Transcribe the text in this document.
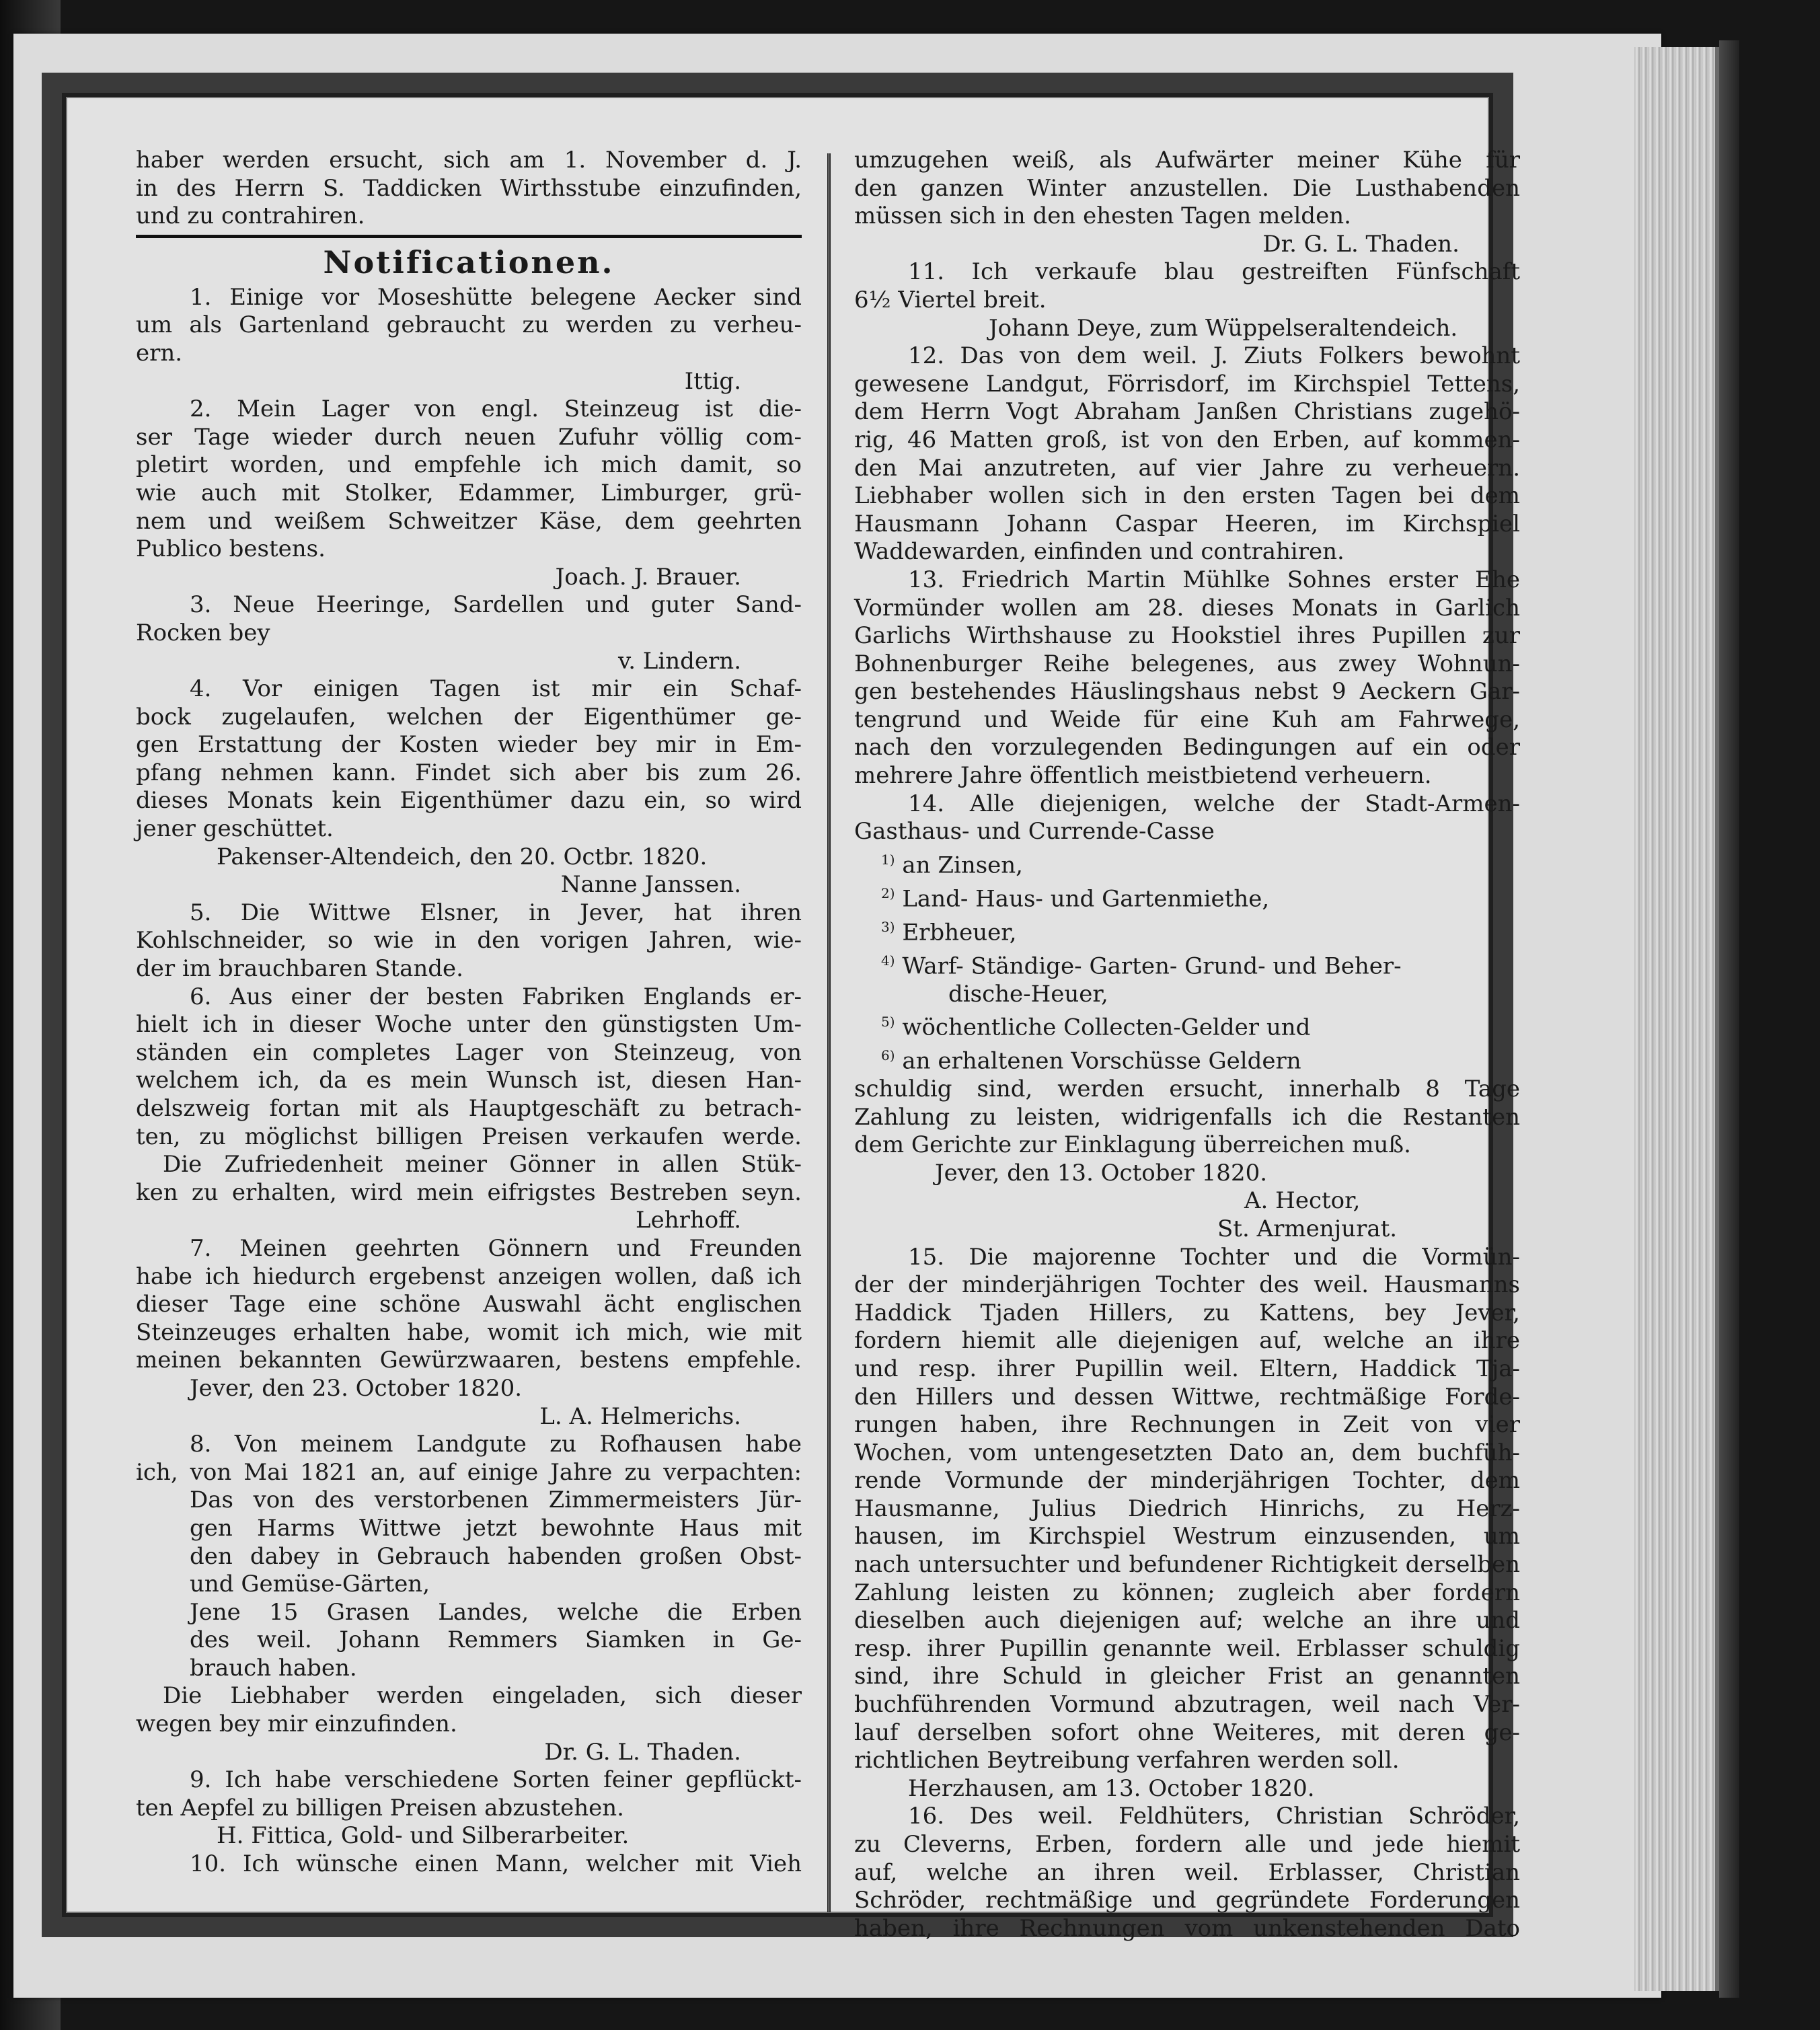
haber werden ersucht, sich am 1. November d. J.
in des Herrn S. Taddicken Wirthsstube einzufinden,
und zu contrahiren.
Notificationen.
1. Einige vor Moseshütte belegene Aecker sind
um als Gartenland gebraucht zu werden zu verheu-
ern.
Ittig.
2. Mein Lager von engl. Steinzeug ist die-
ser Tage wieder durch neuen Zufuhr völlig com-
pletirt worden, und empfehle ich mich damit, so
wie auch mit Stolker, Edammer, Limburger, grü-
nem und weißem Schweitzer Käse, dem geehrten
Publico bestens.
Joach. J. Brauer.
3. Neue Heeringe, Sardellen und guter Sand-
Rocken bey
v. Lindern.
4. Vor einigen Tagen ist mir ein Schaf-
bock zugelaufen, welchen der Eigenthümer ge-
gen Erstattung der Kosten wieder bey mir in Em-
pfang nehmen kann. Findet sich aber bis zum 26.
dieses Monats kein Eigenthümer dazu ein, so wird
jener geschüttet.
Pakenser-Altendeich, den 20. Octbr. 1820.
Nanne Janssen.
5. Die Wittwe Elsner, in Jever, hat ihren
Kohlschneider, so wie in den vorigen Jahren, wie-
der im brauchbaren Stande.
6. Aus einer der besten Fabriken Englands er-
hielt ich in dieser Woche unter den günstigsten Um-
ständen ein completes Lager von Steinzeug, von
welchem ich, da es mein Wunsch ist, diesen Han-
delszweig fortan mit als Hauptgeschäft zu betrach-
ten, zu möglichst billigen Preisen verkaufen werde.
Die Zufriedenheit meiner Gönner in allen Stük-
ken zu erhalten, wird mein eifrigstes Bestreben seyn.
Lehrhoff.
7. Meinen geehrten Gönnern und Freunden
habe ich hiedurch ergebenst anzeigen wollen, daß ich
dieser Tage eine schöne Auswahl ächt englischen
Steinzeuges erhalten habe, womit ich mich, wie mit
meinen bekannten Gewürzwaaren, bestens empfehle.
Jever, den 23. October 1820.
L. A. Helmerichs.
8. Von meinem Landgute zu Rofhausen habe
ich, von Mai 1821 an, auf einige Jahre zu verpachten:
Das von des verstorbenen Zimmermeisters Jür-
gen Harms Wittwe jetzt bewohnte Haus mit
den dabey in Gebrauch habenden großen Obst-
und Gemüse-Gärten,
Jene 15 Grasen Landes, welche die Erben
des weil. Johann Remmers Siamken in Ge-
brauch haben.
Die Liebhaber werden eingeladen, sich dieser
wegen bey mir einzufinden.
Dr. G. L. Thaden.
9. Ich habe verschiedene Sorten feiner gepflückt-
ten Aepfel zu billigen Preisen abzustehen.
H. Fittica, Gold- und Silberarbeiter.
10. Ich wünsche einen Mann, welcher mit Vieh
umzugehen weiß, als Aufwärter meiner Kühe für
den ganzen Winter anzustellen. Die Lusthabenden
müssen sich in den ehesten Tagen melden.
Dr. G. L. Thaden.
11. Ich verkaufe blau gestreiften Fünfschaft
6½ Viertel breit.
Johann Deye, zum Wüppelseraltendeich.
12. Das von dem weil. J. Ziuts Folkers bewohnt
gewesene Landgut, Förrisdorf, im Kirchspiel Tettens,
dem Herrn Vogt Abraham Janßen Christians zugehö-
rig, 46 Matten groß, ist von den Erben, auf kommen-
den Mai anzutreten, auf vier Jahre zu verheuern.
Liebhaber wollen sich in den ersten Tagen bei dem
Hausmann Johann Caspar Heeren, im Kirchspiel
Waddewarden, einfinden und contrahiren.
13. Friedrich Martin Mühlke Sohnes erster Ehe
Vormünder wollen am 28. dieses Monats in Garlich
Garlichs Wirthshause zu Hookstiel ihres Pupillen zur
Bohnenburger Reihe belegenes, aus zwey Wohnun-
gen bestehendes Häuslingshaus nebst 9 Aeckern Gar-
tengrund und Weide für eine Kuh am Fahrwege,
nach den vorzulegenden Bedingungen auf ein oder
mehrere Jahre öffentlich meistbietend verheuern.
14. Alle diejenigen, welche der Stadt-Armen-
Gasthaus- und Currende-Casse
$^{1)}$ an Zinsen,
$^{2)}$ Land- Haus- und Gartenmiethe,
$^{3)}$ Erbheuer,
$^{4)}$ Warf- Ständige- Garten- Grund- und Beher-
dische-Heuer,
$^{5)}$ wöchentliche Collecten-Gelder und
$^{6)}$ an erhaltenen Vorschüsse Geldern
schuldig sind, werden ersucht, innerhalb 8 Tage
Zahlung zu leisten, widrigenfalls ich die Restanten
dem Gerichte zur Einklagung überreichen muß.
Jever, den 13. October 1820.
A. Hector,
St. Armenjurat.
15. Die majorenne Tochter und die Vormün-
der der minderjährigen Tochter des weil. Hausmanns
Haddick Tjaden Hillers, zu Kattens, bey Jever,
fordern hiemit alle diejenigen auf, welche an ihre
und resp. ihrer Pupillin weil. Eltern, Haddick Tja-
den Hillers und dessen Wittwe, rechtmäßige Forde-
rungen haben, ihre Rechnungen in Zeit von vier
Wochen, vom untengesetzten Dato an, dem buchfüh-
rende Vormunde der minderjährigen Tochter, dem
Hausmanne, Julius Diedrich Hinrichs, zu Herz-
hausen, im Kirchspiel Westrum einzusenden, um
nach untersuchter und befundener Richtigkeit derselben
Zahlung leisten zu können; zugleich aber fordern
dieselben auch diejenigen auf; welche an ihre und
resp. ihrer Pupillin genannte weil. Erblasser schuldig
sind, ihre Schuld in gleicher Frist an genannten
buchführenden Vormund abzutragen, weil nach Ver-
lauf derselben sofort ohne Weiteres, mit deren ge-
richtlichen Beytreibung verfahren werden soll.
Herzhausen, am 13. October 1820.
16. Des weil. Feldhüters, Christian Schröder,
zu Cleverns, Erben, fordern alle und jede hiemit
auf, welche an ihren weil. Erblasser, Christian
Schröder, rechtmäßige und gegründete Forderungen
haben, ihre Rechnungen vom unkenstehenden Dato
